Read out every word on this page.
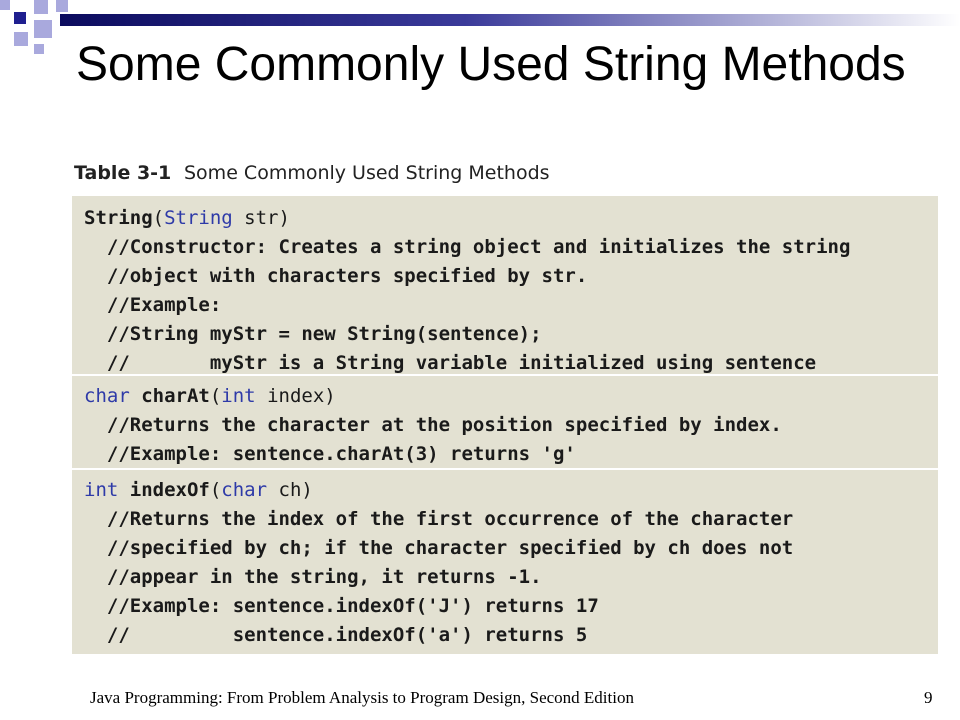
Some Commonly Used String Methods
Table 3-1 Some Commonly Used String Methods

String(String str)

//Constructor: Creates a string object and initializes the string

//object with characters specified by str.

//Example:

//String myStr = new String(sentence);

//       myStr is a String variable initialized using sentence

char charAt(int index)

//Returns the character at the position specified by index.

//Example: sentence.charAt(3) returns 'g'

int indexOf(char ch)

//Returns the index of the first occurrence of the character

//specified by ch; if the character specified by ch does not

//appear in the string, it returns -1.

//Example: sentence.indexOf('J') returns 17

//         sentence.indexOf('a') returns 5

Java Programming: From Problem Analysis to Program Design, Second Edition	9
